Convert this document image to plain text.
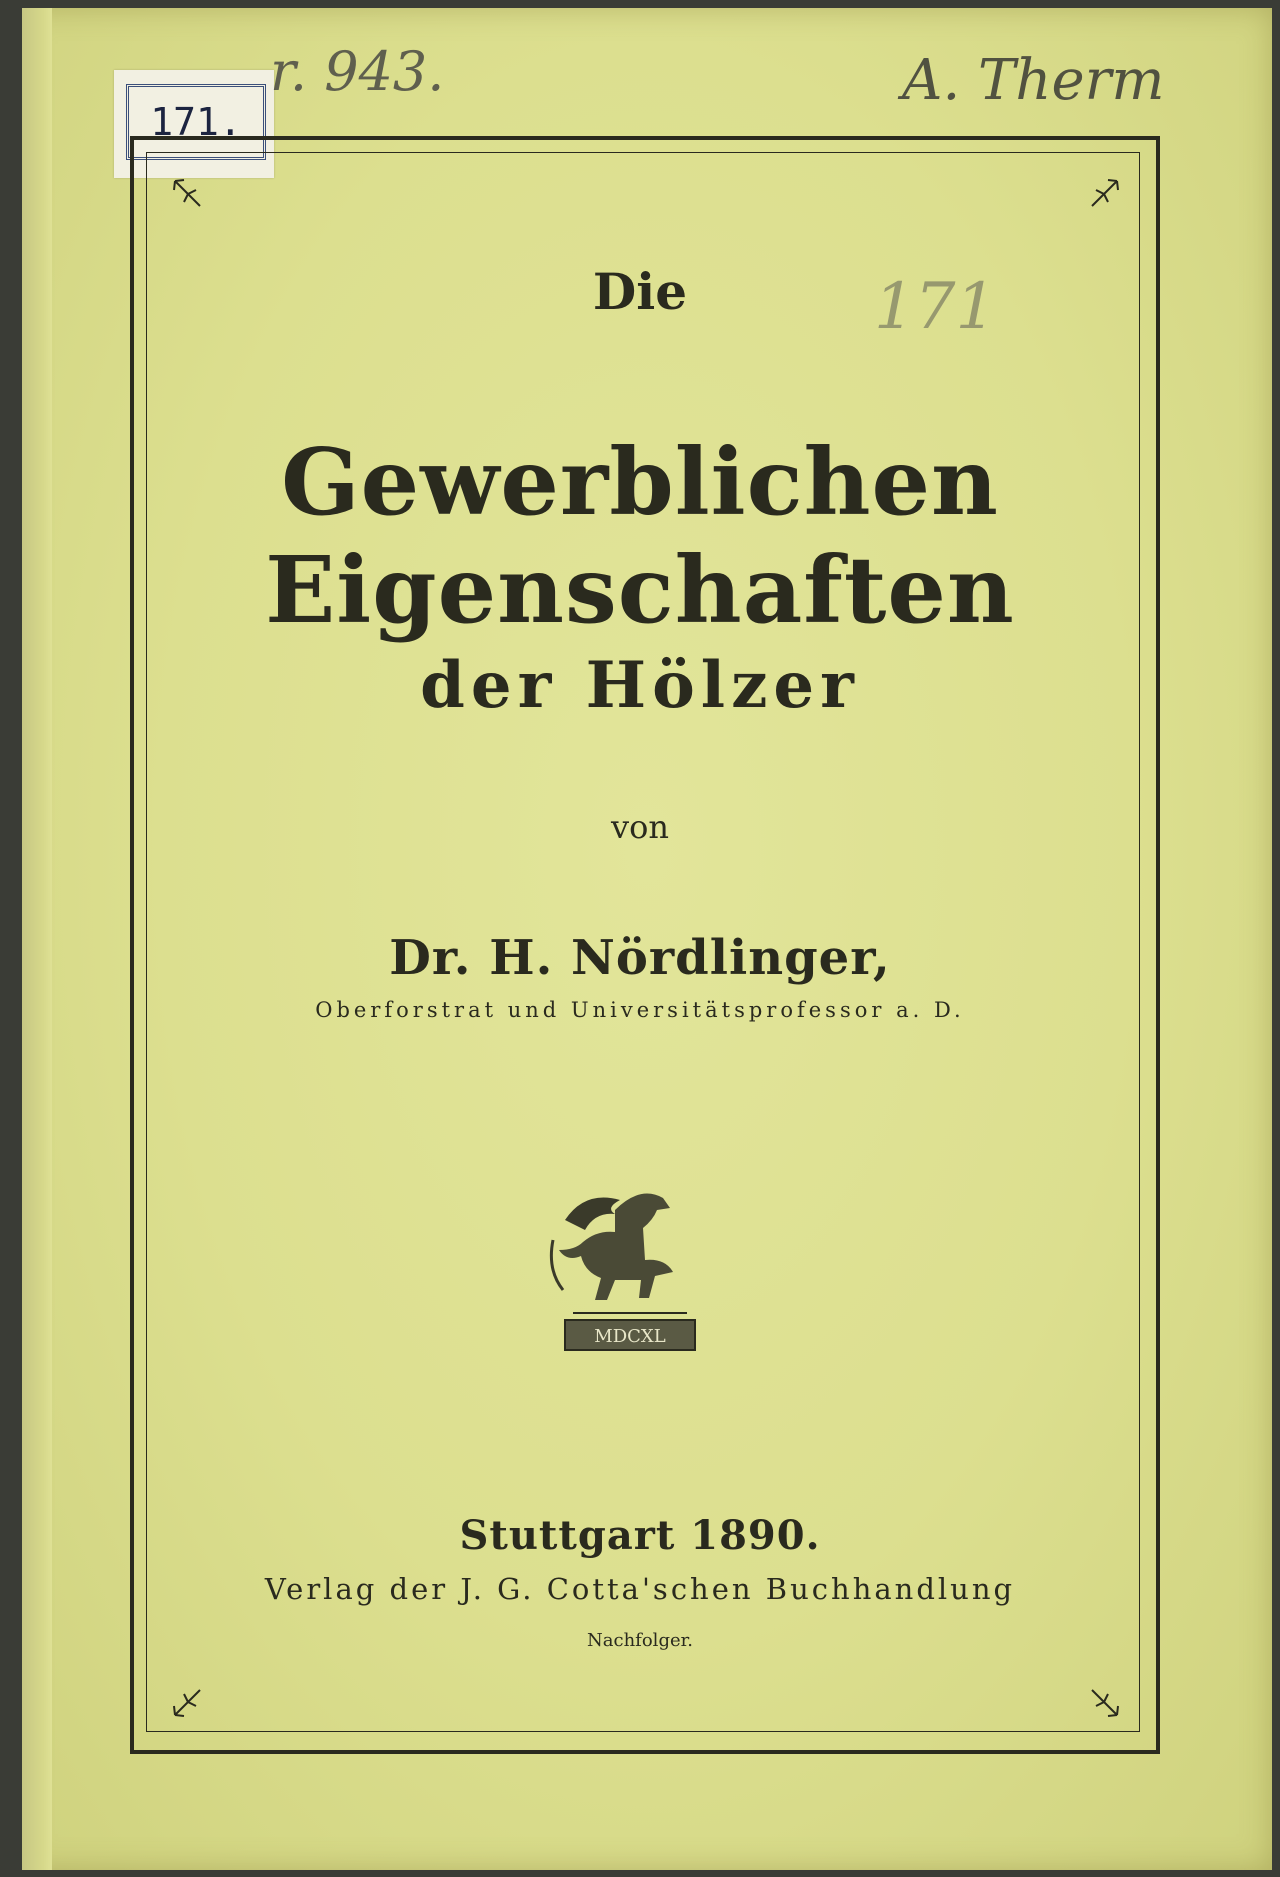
171.
r. 943.	A. Therm
171
Die
Gewerblichen Eigenschaften
der Hölzer
von
Dr. H. Nördlinger,
Oberforstrat und Universitätsprofessor a. D.
MDCXL
Nachfolger.
Stuttgart 1890.
Verlag der J. G. Cotta'schen Buchhandlung
